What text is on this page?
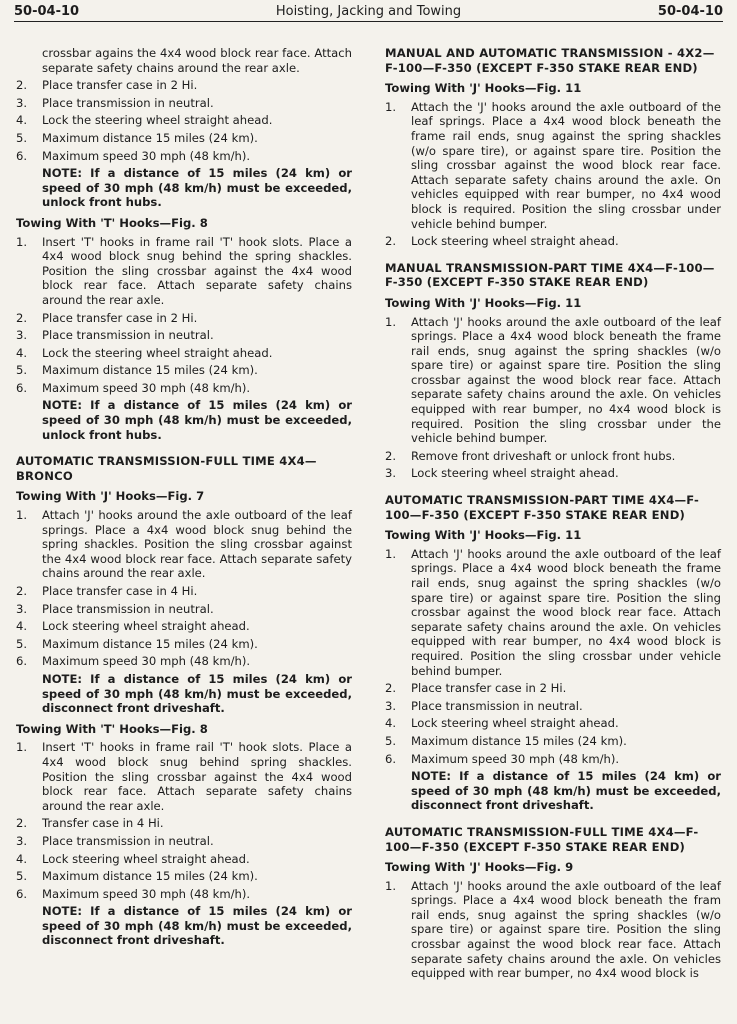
50-04-10	Hoisting, Jacking and Towing	50-04-10
crossbar agains the 4x4 wood block rear face. Attach separate safety chains around the rear axle.
2. Place transfer case in 2 Hi.
3. Place transmission in neutral.
4. Lock the steering wheel straight ahead.
5. Maximum distance 15 miles (24 km).
6. Maximum speed 30 mph (48 km/h).
NOTE: If a distance of 15 miles (24 km) or speed of 30 mph (48 km/h) must be exceeded, unlock front hubs.
Towing With 'T' Hooks—Fig. 8
1. Insert 'T' hooks in frame rail 'T' hook slots. Place a 4x4 wood block snug behind the spring shackles. Position the sling crossbar against the 4x4 wood block rear face. Attach separate safety chains around the rear axle.
2. Place transfer case in 2 Hi.
3. Place transmission in neutral.
4. Lock the steering wheel straight ahead.
5. Maximum distance 15 miles (24 km).
6. Maximum speed 30 mph (48 km/h).
NOTE: If a distance of 15 miles (24 km) or speed of 30 mph (48 km/h) must be exceeded, unlock front hubs.
AUTOMATIC TRANSMISSION-FULL TIME 4X4— BRONCO
Towing With 'J' Hooks—Fig. 7
1. Attach 'J' hooks around the axle outboard of the leaf springs. Place a 4x4 wood block snug behind the spring shackles. Position the sling crossbar against the 4x4 wood block rear face. Attach separate safety chains around the rear axle.
2. Place transfer case in 4 Hi.
3. Place transmission in neutral.
4. Lock steering wheel straight ahead.
5. Maximum distance 15 miles (24 km).
6. Maximum speed 30 mph (48 km/h).
NOTE: If a distance of 15 miles (24 km) or speed of 30 mph (48 km/h) must be exceeded, disconnect front driveshaft.
Towing With 'T' Hooks—Fig. 8
1. Insert 'T' hooks in frame rail 'T' hook slots. Place a 4x4 wood block snug behind spring shackles. Position the sling crossbar against the 4x4 wood block rear face. Attach separate safety chains around the rear axle.
2. Transfer case in 4 Hi.
3. Place transmission in neutral.
4. Lock steering wheel straight ahead.
5. Maximum distance 15 miles (24 km).
6. Maximum speed 30 mph (48 km/h).
NOTE: If a distance of 15 miles (24 km) or speed of 30 mph (48 km/h) must be exceeded, disconnect front driveshaft.
MANUAL AND AUTOMATIC TRANSMISSION - 4X2—F-100—F-350 (EXCEPT F-350 STAKE REAR END)
Towing With 'J' Hooks—Fig. 11
1. Attach the 'J' hooks around the axle outboard of the leaf springs. Place a 4x4 wood block beneath the frame rail ends, snug against the spring shackles (w/o spare tire), or against spare tire. Position the sling crossbar against the wood block rear face. Attach separate safety chains around the axle. On vehicles equipped with rear bumper, no 4x4 wood block is required. Position the sling crossbar under vehicle behind bumper.
2. Lock steering wheel straight ahead.
MANUAL TRANSMISSION-PART TIME 4X4—F-100—F-350 (EXCEPT F-350 STAKE REAR END)
Towing With 'J' Hooks—Fig. 11
1. Attach 'J' hooks around the axle outboard of the leaf springs. Place a 4x4 wood block beneath the frame rail ends, snug against the spring shackles (w/o spare tire) or against spare tire. Position the sling crossbar against the wood block rear face. Attach separate safety chains around the axle. On vehicles equipped with rear bumper, no 4x4 wood block is required. Position the sling crossbar under the vehicle behind bumper.
2. Remove front driveshaft or unlock front hubs.
3. Lock steering wheel straight ahead.
AUTOMATIC TRANSMISSION-PART TIME 4X4—F-100—F-350 (EXCEPT F-350 STAKE REAR END)
Towing With 'J' Hooks—Fig. 11
1. Attach 'J' hooks around the axle outboard of the leaf springs. Place a 4x4 wood block beneath the frame rail ends, snug against the spring shackles (w/o spare tire) or against spare tire. Position the sling crossbar against the wood block rear face. Attach separate safety chains around the axle. On vehicles equipped with rear bumper, no 4x4 wood block is required. Position the sling crossbar under vehicle behind bumper.
2. Place transfer case in 2 Hi.
3. Place transmission in neutral.
4. Lock steering wheel straight ahead.
5. Maximum distance 15 miles (24 km).
6. Maximum speed 30 mph (48 km/h).
NOTE: If a distance of 15 miles (24 km) or speed of 30 mph (48 km/h) must be exceeded, disconnect front driveshaft.
AUTOMATIC TRANSMISSION-FULL TIME 4X4—F-100—F-350 (EXCEPT F-350 STAKE REAR END)
Towing With 'J' Hooks—Fig. 9
1. Attach 'J' hooks around the axle outboard of the leaf springs. Place a 4x4 wood block beneath the fram rail ends, snug against the spring shackles (w/o spare tire) or against spare tire. Position the sling crossbar against the wood block rear face. Attach separate safety chains around the axle. On vehicles equipped with rear bumper, no 4x4 wood block is
